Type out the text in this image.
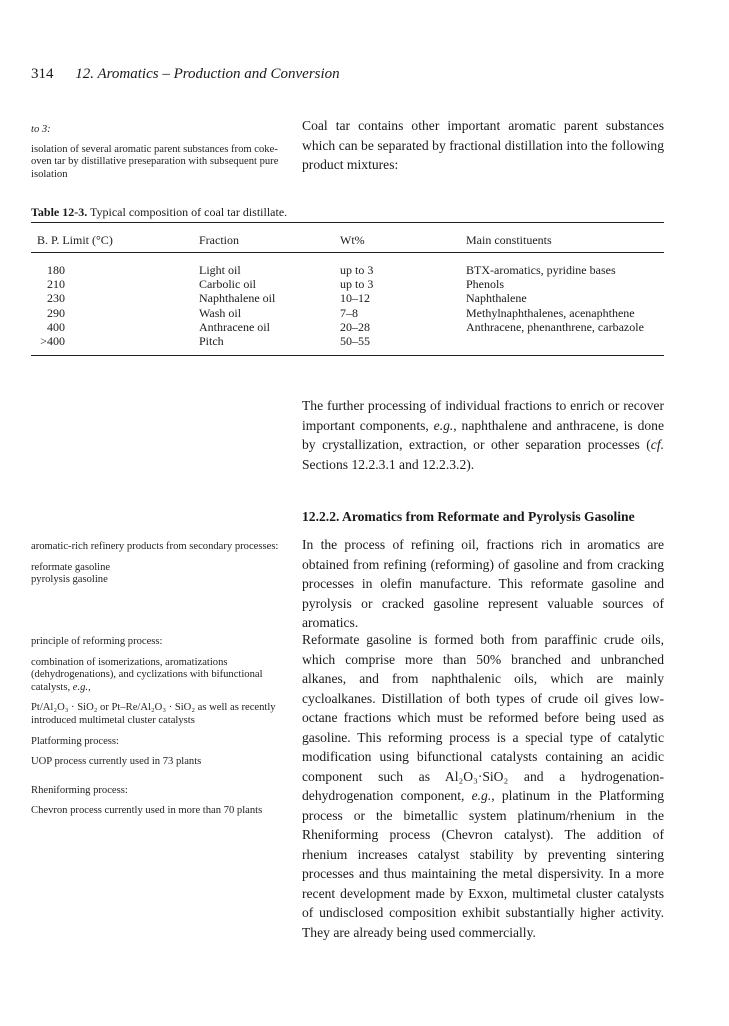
314 12. Aromatics – Production and Conversion

to 3:

isolation of several aromatic parent substances from coke-oven tar by distillative preseparation with subsequent pure isolation

Coal tar contains other important aromatic parent substances which can be separated by fractional distillation into the following product mixtures:

Table 12-3. Typical composition of coal tar distillate.
B. P. Limit (°C)	Fraction	Wt%	Main constituents
180	Light oil	up to 3	BTX-aromatics, pyridine bases
210	Carbolic oil	up to 3	Phenols
230	Naphthalene oil	10–12	Naphthalene
290	Wash oil	7–8	Methylnaphthalenes, acenaphthene
400	Anthracene oil	20–28	Anthracene, phenanthrene, carbazole
>400	Pitch	50–55

The further processing of individual fractions to enrich or recover important components, e.g., naphthalene and anthracene, is done by crystallization, extraction, or other separation processes (cf. Sections 12.2.3.1 and 12.2.3.2).

12.2.2. Aromatics from Reformate and Pyrolysis Gasoline

aromatic-rich refinery products from secondary processes:

reformate gasoline

pyrolysis gasoline

In the process of refining oil, fractions rich in aromatics are obtained from refining (reforming) of gasoline and from cracking processes in olefin manufacture. This reformate gasoline and pyrolysis or cracked gasoline represent valuable sources of aromatics.

principle of reforming process:

combination of isomerizations, aromatizations (dehydrogenations), and cyclizations with bifunctional catalysts, e.g.,

Pt/Al₂O₃ · SiO₂ or Pt–Re/Al₂O₃ · SiO₂ as well as recently introduced multimetal cluster catalysts

Platforming process:

UOP process currently used in 73 plants

Rheniforming process:

Chevron process currently used in more than 70 plants

Reformate gasoline is formed both from paraffinic crude oils, which comprise more than 50% branched and unbranched alkanes, and from naphthalenic oils, which are mainly cycloalkanes. Distillation of both types of crude oil gives low-octane fractions which must be reformed before being used as gasoline. This reforming process is a special type of catalytic modification using bifunctional catalysts containing an acidic component such as Al₂O₃·SiO₂ and a hydrogenation-dehydrogenation component, e.g., platinum in the Platforming process or the bimetallic system platinum/rhenium in the Rheniforming process (Chevron catalyst). The addition of rhenium increases catalyst stability by preventing sintering processes and thus maintaining the metal dispersivity. In a more recent development made by Exxon, multimetal cluster catalysts of undisclosed composition exhibit substantially higher activity. They are already being used commercially.
